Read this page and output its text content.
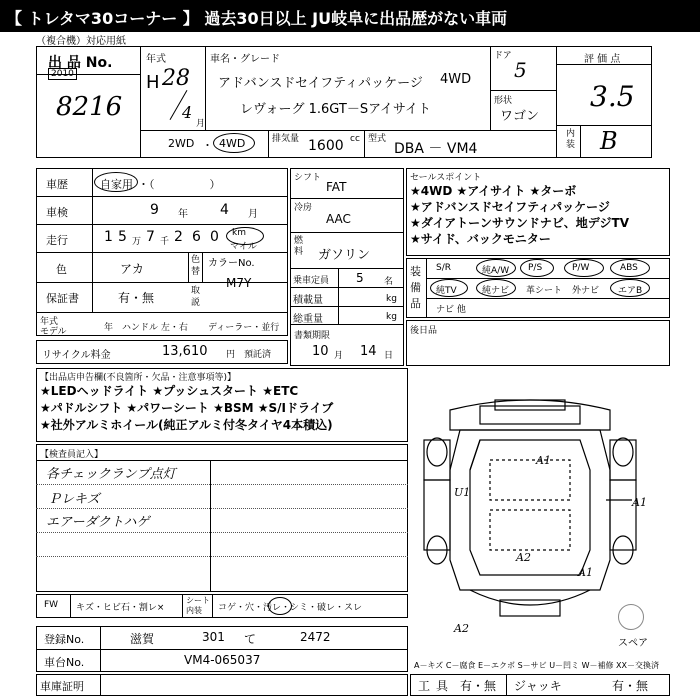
【 トレタマ30コーナー 】 過去30日以上 JU岐阜に出品歴がない車両
（複合機）対応用紙
出 品 No.
2010
8216
年式
H 28
4
月
車名・グレード
アドバンスドセイフティパッケージ 4WD
レヴォーグ 1.6GT－Sアイサイト
ドア
5
形状
ワゴン
評 価 点
3.5
内装 B
2WD ・ 4WD	排気量 1600 cc 型式
DBA － VM4
車歴	自家用 ・（　　　　　）
車検	9 年 4 月
走行	1 5 万 7 千 2 6 0 km
マイル
色	アカ
色替
カラーNo.
保証書	有・無	取説
M7Y
年式
モデル	年 ハンドル 左・右 ディーラー・並行
リサイクル料金	13,610 円 預託済
シフト
FAT
冷房
AAC
燃料 ガソリン
乗車定員 5 名
積載量	kg
総重量	kg
書類期限
10 月 14 日
セールスポイント
★4WD ★アイサイト ★ターボ
★アドバンスドセイフティパッケージ
★ダイアトーンサウンドナビ、地デジTV
★サイド、バックモニター
装備品
S/R	純A/W P/S	P/W	ABS
純TV	純ナビ 革シート 外ナビ エアB
ナビ 他
後日品
【出品店申告欄(不良箇所・欠品・注意事項等)】
★LEDヘッドライト ★プッシュスタート ★ETC
★パドルシフト ★パワーシート ★BSM ★S/Iドライブ
★社外アルミホイール(純正アルミ付冬タイヤ4本積込)
【検査員記入】
各チェックランプ点灯
Ｐレキズ
エアーダクトハゲ
FW キズ・ヒビ石・割レ×
シート内装	コゲ・穴・汚レ・シミ・破レ・スレ
A1
U1
A1
A2
A1
A2
スペア
登録No.	滋賀	301 て	2472
車台No.	VM4-065037	A－キズ C－腐食 E－エクボ S－サビ U－凹ミ W－補修 XX－交換済
車庫証明	工具 有・無 ジャッキ	有・無
